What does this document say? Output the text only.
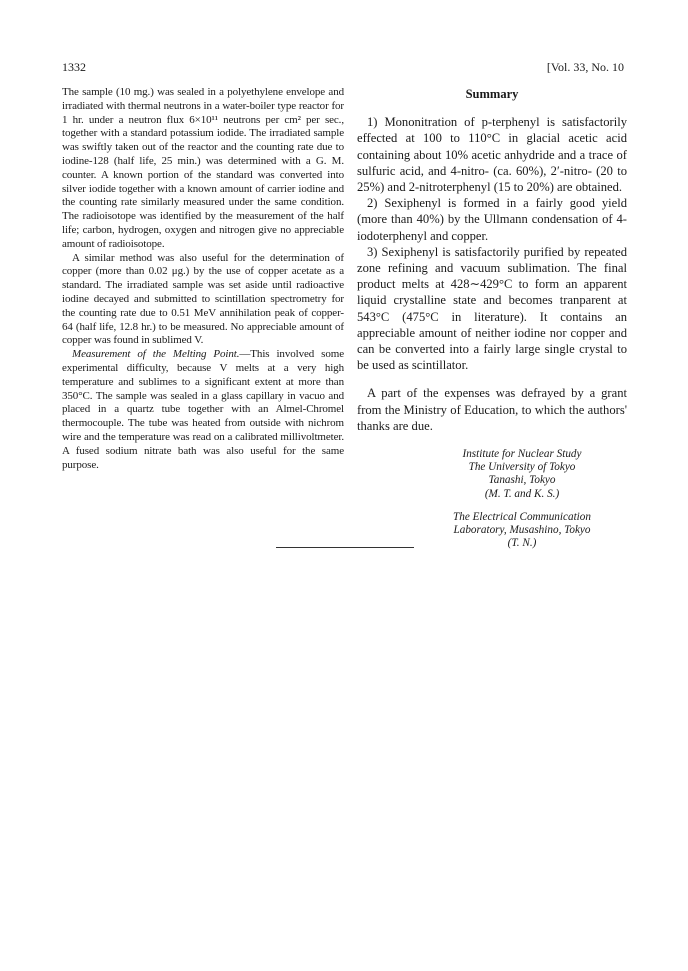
1332	[Vol. 33, No. 10

The sample (10 mg.) was sealed in a polyethylene envelope and irradiated with thermal neutrons in a water-boiler type reactor for 1 hr. under a neutron flux 6×10¹¹ neutrons per cm² per sec., together with a standard potassium iodide. The irradiated sample was swiftly taken out of the reactor and the counting rate due to iodine-128 (half life, 25 min.) was determined with a G. M. counter. A known portion of the standard was converted into silver iodide together with a known amount of carrier iodine and the counting rate similarly measured under the same condition. The radioisotope was identified by the measurement of the half life; carbon, hydrogen, oxygen and nitrogen give no appreciable amount of radioisotope.

A similar method was also useful for the determination of copper (more than 0.02 μg.) by the use of copper acetate as a standard. The irradiated sample was set aside until radioactive iodine decayed and submitted to scintillation spectrometry for the counting rate due to 0.51 MeV annihilation peak of copper-64 (half life, 12.8 hr.) to be measured. No appreciable amount of copper was found in sublimed V.

Measurement of the Melting Point.—This involved some experimental difficulty, because V melts at a very high temperature and sublimes to a significant extent at more than 350°C. The sample was sealed in a glass capillary in vacuo and placed in a quartz tube together with an Almel-Chromel thermocouple. The tube was heated from outside with nichrom wire and the temperature was read on a calibrated millivoltmeter. A fused sodium nitrate bath was also useful for the same purpose.

Summary

1) Mononitration of p-terphenyl is satisfactorily effected at 100 to 110°C in glacial acetic acid containing about 10% acetic anhydride and a trace of sulfuric acid, and 4-nitro- (ca. 60%), 2′-nitro- (20 to 25%) and 2-nitroterphenyl (15 to 20%) are obtained.

2) Sexiphenyl is formed in a fairly good yield (more than 40%) by the Ullmann condensation of 4-iodoterphenyl and copper.

3) Sexiphenyl is satisfactorily purified by repeated zone refining and vacuum sublimation. The final product melts at 428∼429°C to form an apparent liquid crystalline state and becomes tranparent at 543°C (475°C in literature). It contains an appreciable amount of neither iodine nor copper and can be converted into a fairly large single crystal to be used as scintillator.

A part of the expenses was defrayed by a grant from the Ministry of Education, to which the authors' thanks are due.

Institute for Nuclear Study
The University of Tokyo
Tanashi, Tokyo
(M. T. and K. S.)
The Electrical Communication
Laboratory, Musashino, Tokyo
(T. N.)
